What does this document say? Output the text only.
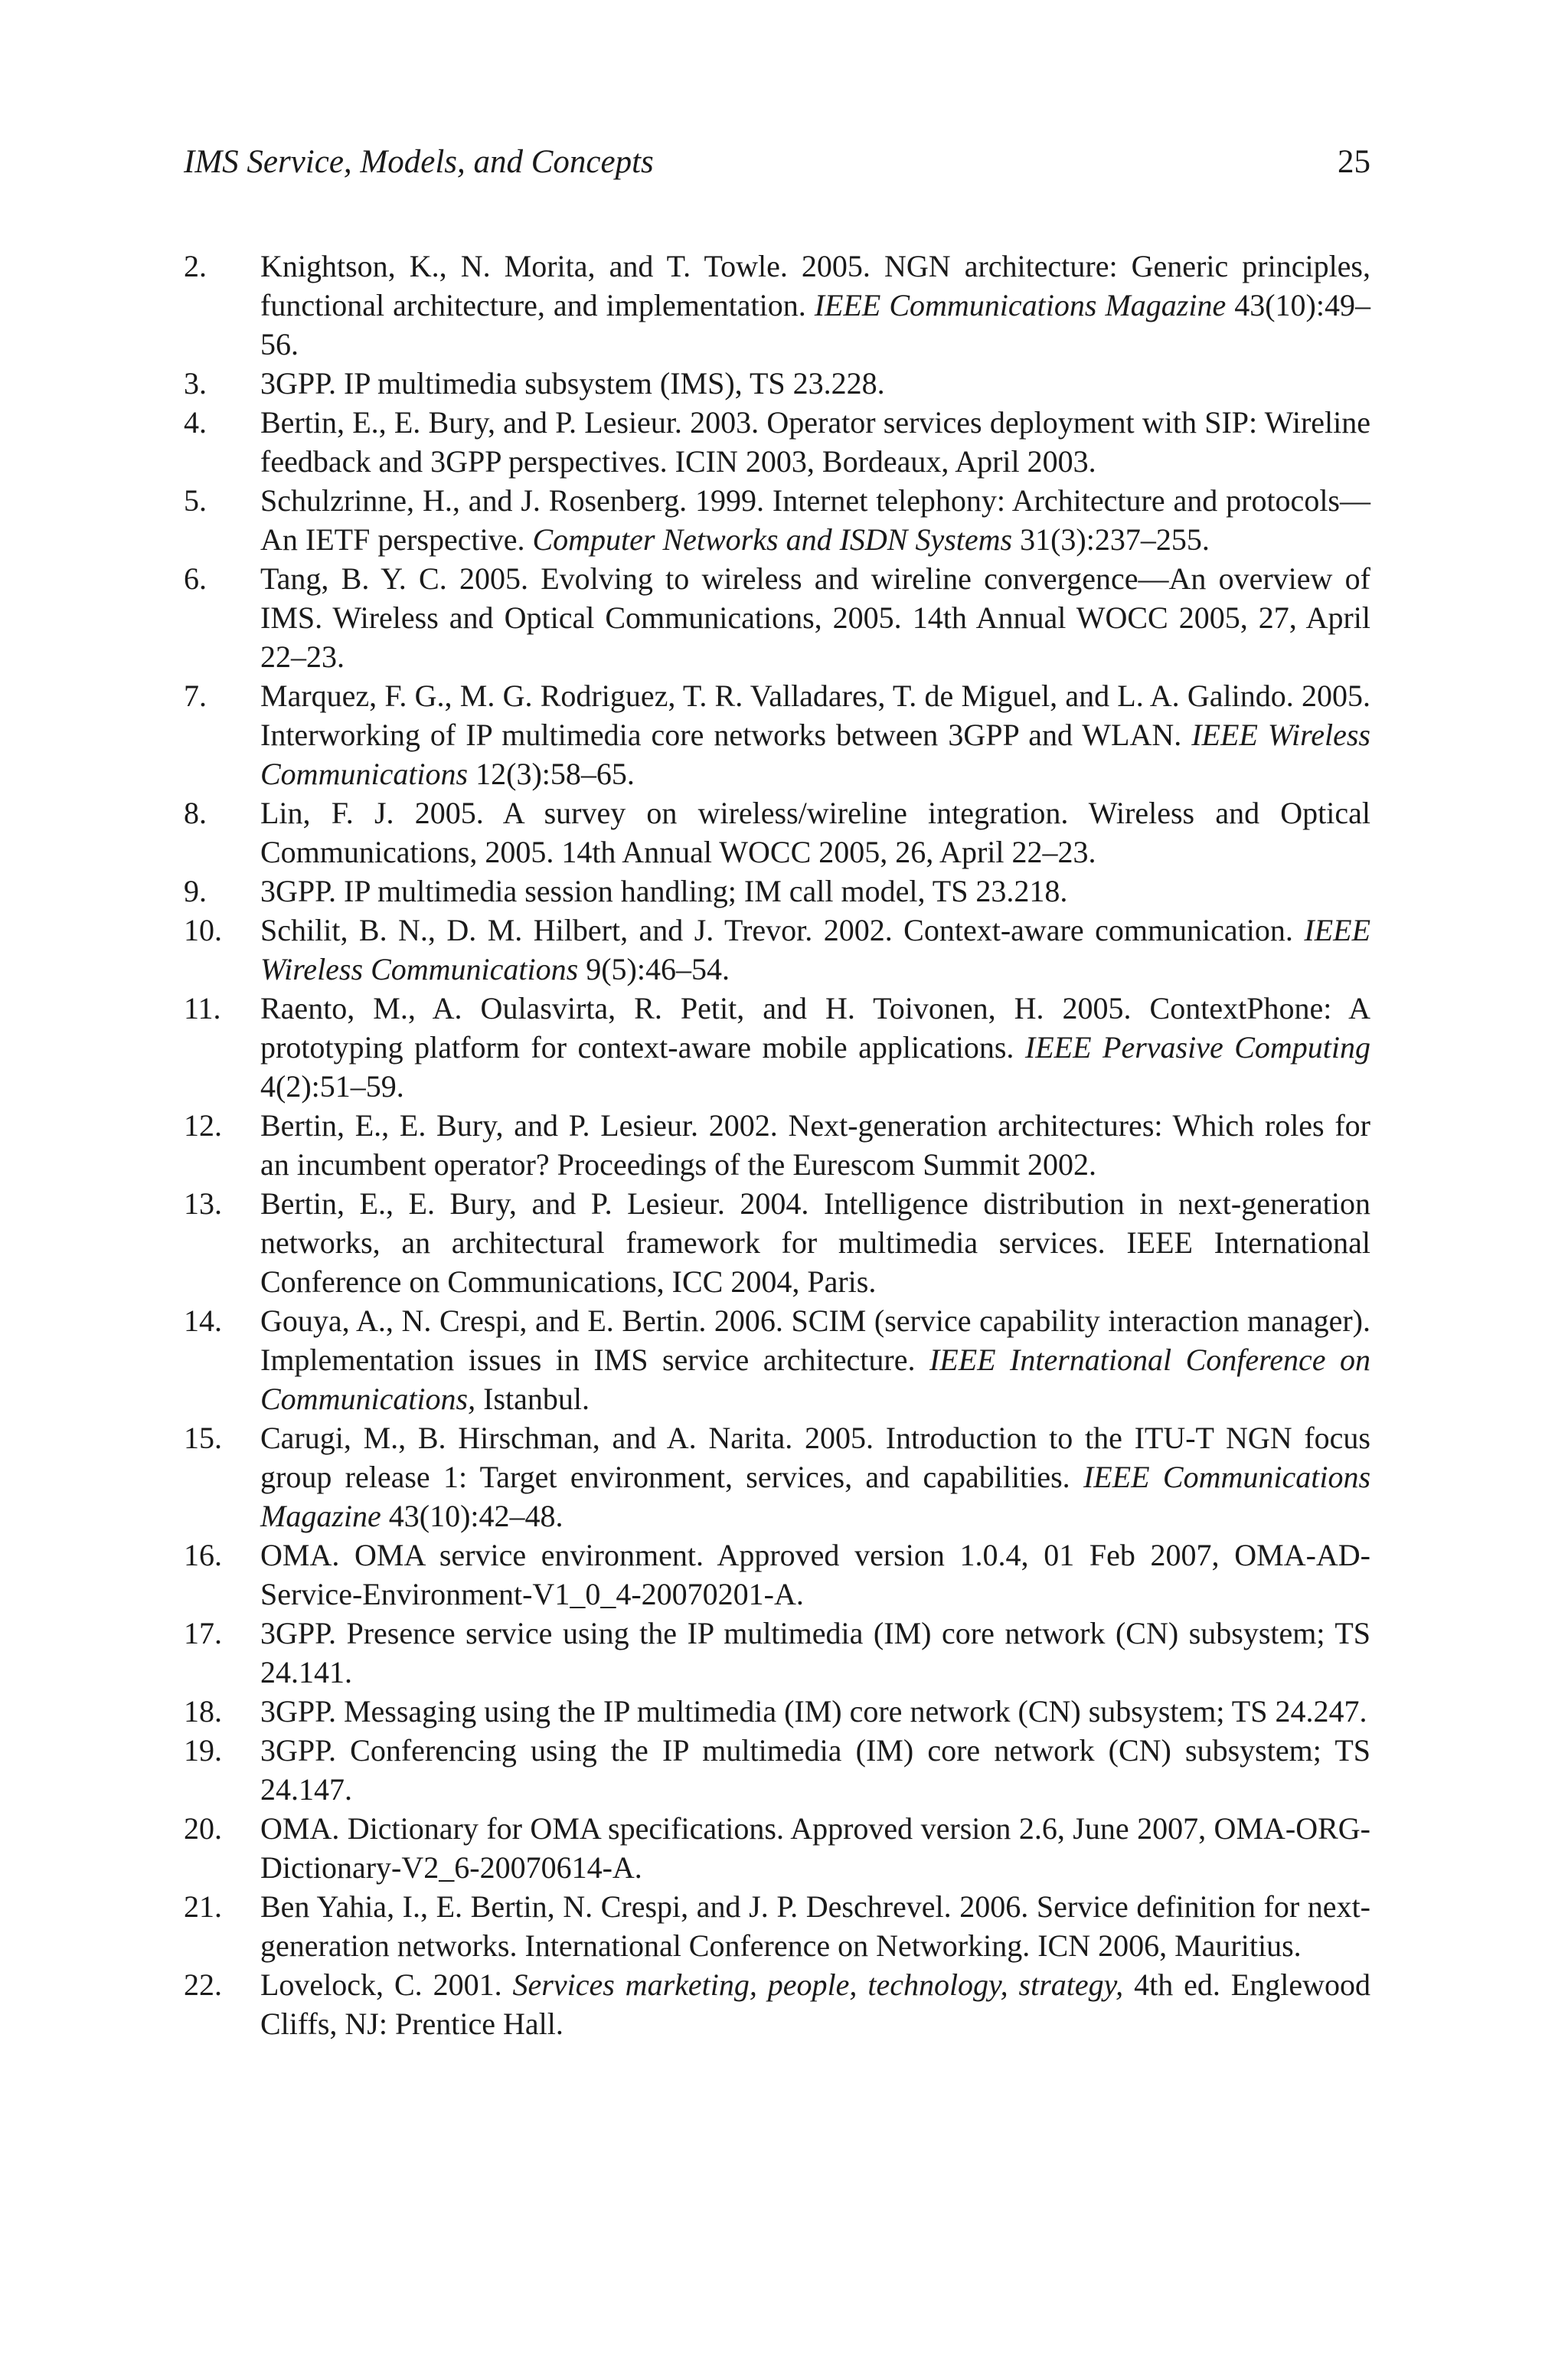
IMS Service, Models, and Concepts	25
2.	Knightson, K., N. Morita, and T. Towle. 2005. NGN architecture: Generic principles, functional architecture, and implementation. IEEE Communications Magazine 43(10):49–56.
3.	3GPP. IP multimedia subsystem (IMS), TS 23.228.
4.	Bertin, E., E. Bury, and P. Lesieur. 2003. Operator services deployment with SIP: Wireline feedback and 3GPP perspectives. ICIN 2003, Bordeaux, April 2003.
5.	Schulzrinne, H., and J. Rosenberg. 1999. Internet telephony: Architecture and protocols—An IETF perspective. Computer Networks and ISDN Systems 31(3):237–255.
6.	Tang, B. Y. C. 2005. Evolving to wireless and wireline convergence—An overview of IMS. Wireless and Optical Communications, 2005. 14th Annual WOCC 2005, 27, April 22–23.
7.	Marquez, F. G., M. G. Rodriguez, T. R. Valladares, T. de Miguel, and L. A. Galindo. 2005. Interworking of IP multimedia core networks between 3GPP and WLAN. IEEE Wireless Communications 12(3):58–65.
8.	Lin, F. J. 2005. A survey on wireless/wireline integration. Wireless and Optical Communications, 2005. 14th Annual WOCC 2005, 26, April 22–23.
9.	3GPP. IP multimedia session handling; IM call model, TS 23.218.
10.	Schilit, B. N., D. M. Hilbert, and J. Trevor. 2002. Context-aware communication. IEEE Wireless Communications 9(5):46–54.
11.	Raento, M., A. Oulasvirta, R. Petit, and H. Toivonen, H. 2005. ContextPhone: A prototyping platform for context-aware mobile applications. IEEE Pervasive Computing 4(2):51–59.
12.	Bertin, E., E. Bury, and P. Lesieur. 2002. Next-generation architectures: Which roles for an incumbent operator? Proceedings of the Eurescom Summit 2002.
13.	Bertin, E., E. Bury, and P. Lesieur. 2004. Intelligence distribution in next-generation networks, an architectural framework for multimedia services. IEEE International Conference on Communications, ICC 2004, Paris.
14.	Gouya, A., N. Crespi, and E. Bertin. 2006. SCIM (service capability interaction manager). Implementation issues in IMS service architecture. IEEE International Conference on Communications, Istanbul.
15.	Carugi, M., B. Hirschman, and A. Narita. 2005. Introduction to the ITU-T NGN focus group release 1: Target environment, services, and capabilities. IEEE Communications Magazine 43(10):42–48.
16.	OMA. OMA service environment. Approved version 1.0.4, 01 Feb 2007, OMA-AD-Service-Environment-V1_0_4-20070201-A.
17.	3GPP. Presence service using the IP multimedia (IM) core network (CN) subsystem; TS 24.141.
18.	3GPP. Messaging using the IP multimedia (IM) core network (CN) subsystem; TS 24.247.
19.	3GPP. Conferencing using the IP multimedia (IM) core network (CN) subsystem; TS 24.147.
20.	OMA. Dictionary for OMA specifications. Approved version 2.6, June 2007, OMA-ORG-Dictionary-V2_6-20070614-A.
21.	Ben Yahia, I., E. Bertin, N. Crespi, and J. P. Deschrevel. 2006. Service definition for next-generation networks. International Conference on Networking. ICN 2006, Mauritius.
22.	Lovelock, C. 2001. Services marketing, people, technology, strategy, 4th ed. Englewood Cliffs, NJ: Prentice Hall.
